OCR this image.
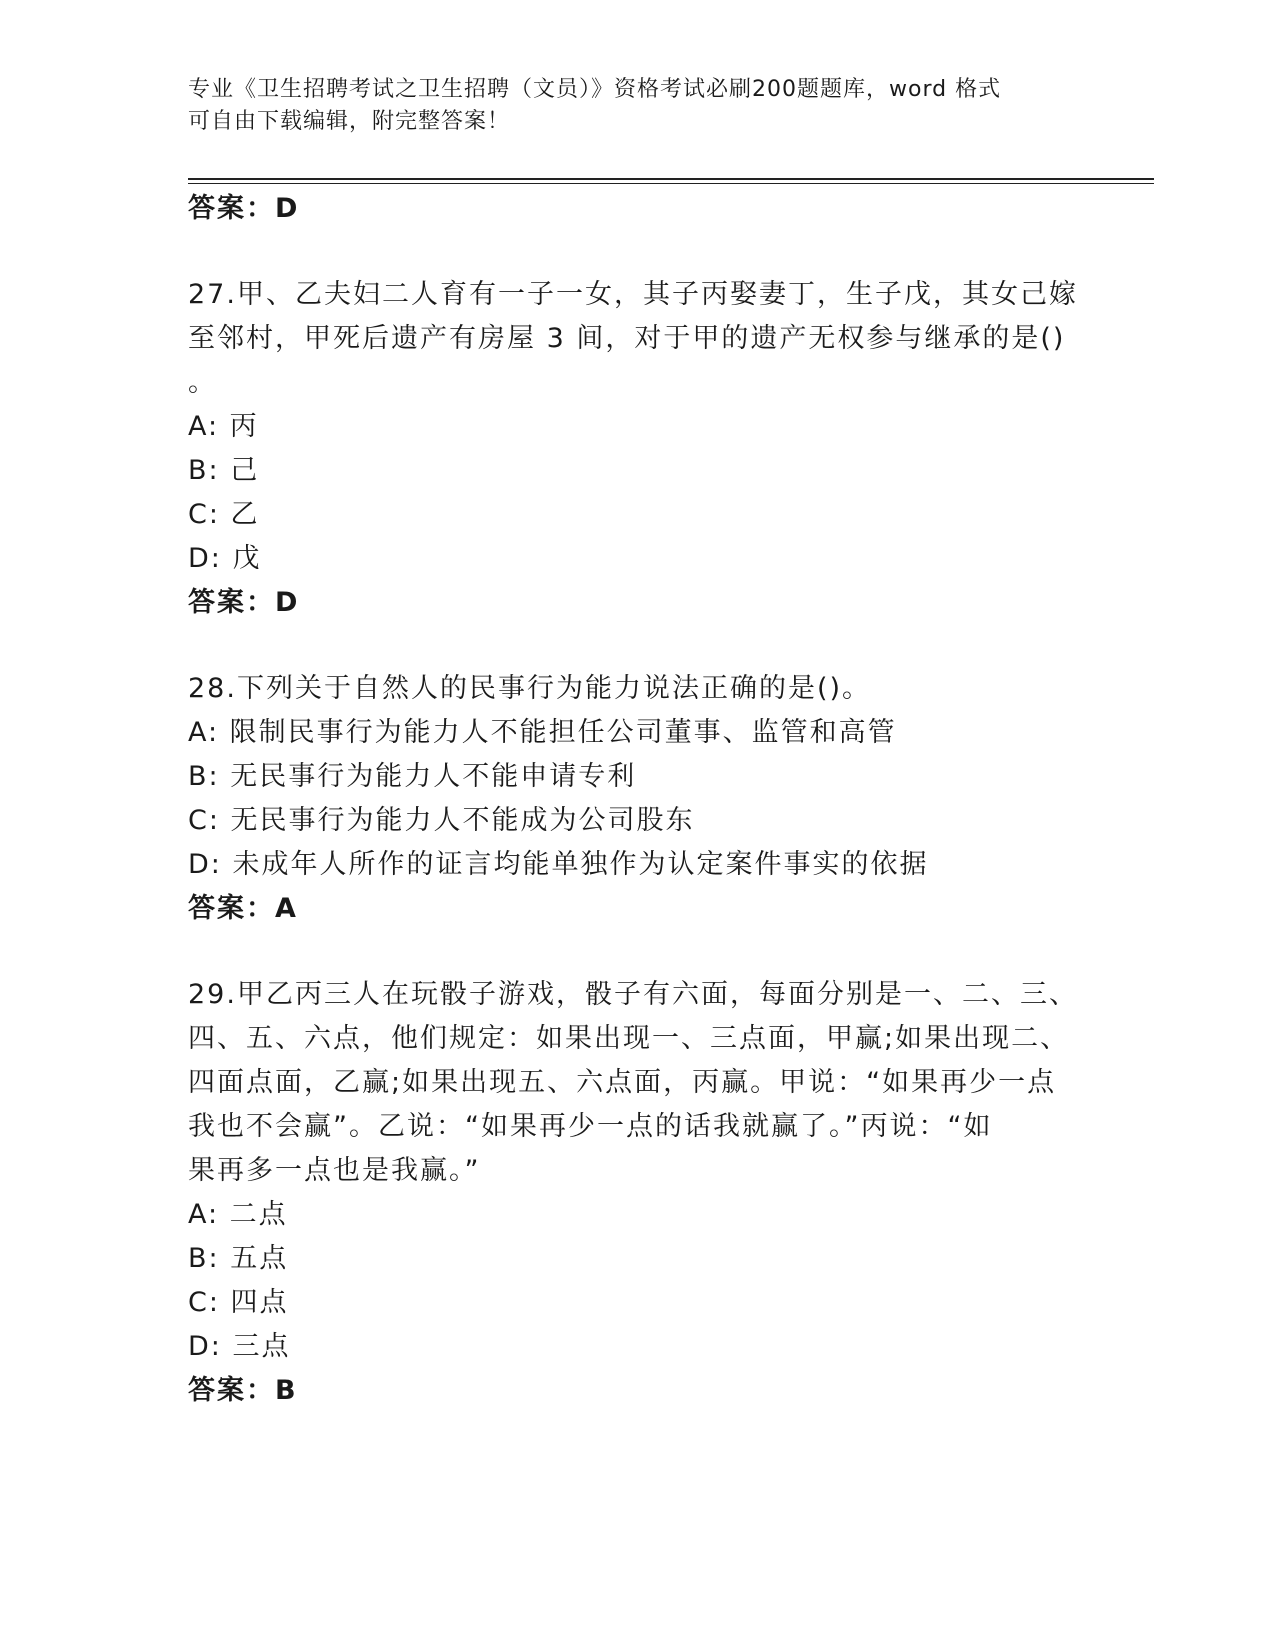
专业《卫生招聘考试之卫生招聘（文员）》资格考试必刷200题题库，word 格式
可自由下载编辑，附完整答案！
答案：D
27.甲、乙夫妇二人育有一子一女，其子丙娶妻丁，生子戊，其女己嫁
至邻村，甲死后遗产有房屋 3 间，对于甲的遗产无权参与继承的是()
。
A: 丙
B: 己
C: 乙
D: 戊
答案：D
28.下列关于自然人的民事行为能力说法正确的是()。
A: 限制民事行为能力人不能担任公司董事、监管和高管
B: 无民事行为能力人不能申请专利
C: 无民事行为能力人不能成为公司股东
D: 未成年人所作的证言均能单独作为认定案件事实的依据
答案：A
29.甲乙丙三人在玩骰子游戏，骰子有六面，每面分别是一、二、三、
四、五、六点，他们规定：如果出现一、三点面，甲赢;如果出现二、
四面点面，乙赢;如果出现五、六点面，丙赢。甲说：“如果再少一点
我也不会赢”。乙说：“如果再少一点的话我就赢了。”丙说：“如
果再多一点也是我赢。”
A: 二点
B: 五点
C: 四点
D: 三点
答案：B
